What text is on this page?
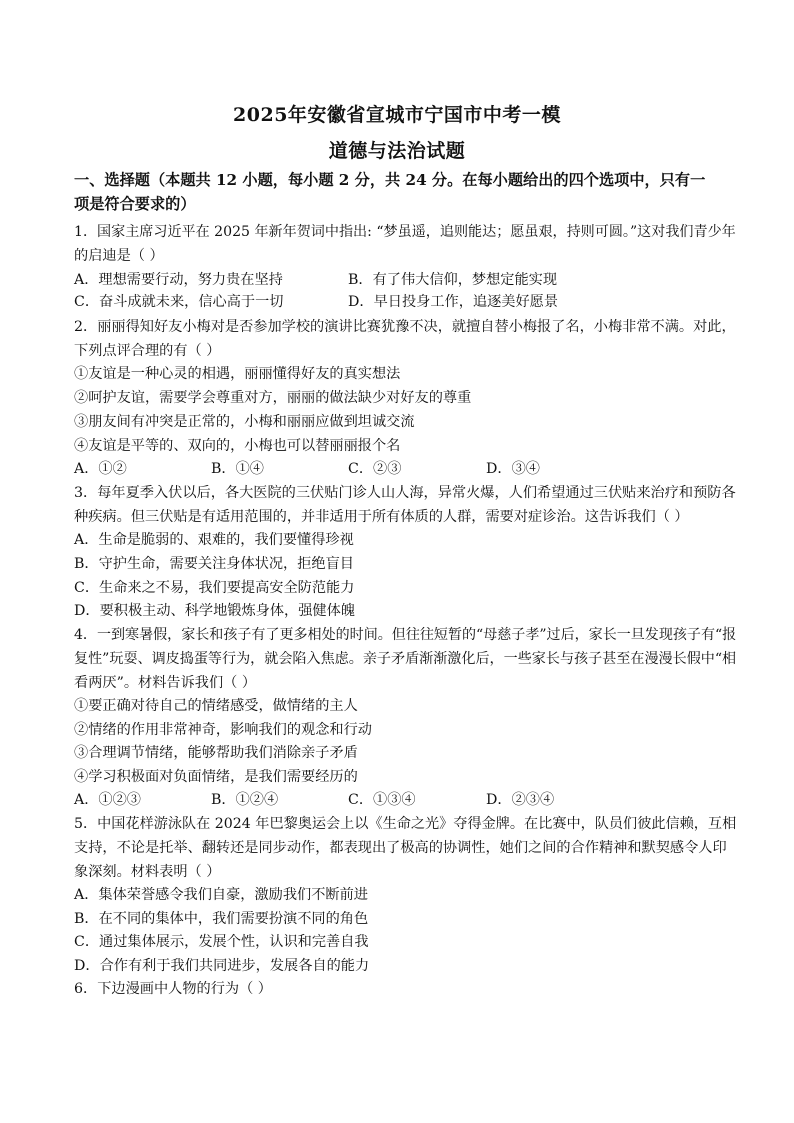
2025年安徽省宣城市宁国市中考一模
道德与法治试题
一、选择题（本题共 12 小题，每小题 2 分，共 24 分。在每小题给出的四个选项中，只有一
项是符合要求的）
1．国家主席习近平在 2025 年新年贺词中指出: “梦虽遥，追则能达；愿虽艰，持则可圆。”这对我们青少年
的启迪是（ ）
A．理想需要行动，努力贵在坚持	B．有了伟大信仰，梦想定能实现
C．奋斗成就未来，信心高于一切	D．早日投身工作，追逐美好愿景
2．丽丽得知好友小梅对是否参加学校的演讲比赛犹豫不决，就擅自替小梅报了名，小梅非常不满。对此，
下列点评合理的有（ ）
①友谊是一种心灵的相遇，丽丽懂得好友的真实想法
②呵护友谊，需要学会尊重对方，丽丽的做法缺少对好友的尊重
③朋友间有冲突是正常的，小梅和丽丽应做到坦诚交流
④友谊是平等的、双向的，小梅也可以替丽丽报个名
A．①②	B．①④	C．②③	D．③④
3．每年夏季入伏以后，各大医院的三伏贴门诊人山人海，异常火爆，人们希望通过三伏贴来治疗和预防各
种疾病。但三伏贴是有适用范围的，并非适用于所有体质的人群，需要对症诊治。这告诉我们（ ）
A．生命是脆弱的、艰难的，我们要懂得珍视
B．守护生命，需要关注身体状况，拒绝盲目
C．生命来之不易，我们要提高安全防范能力
D．要积极主动、科学地锻炼身体，强健体魄
4．一到寒暑假，家长和孩子有了更多相处的时间。但往往短暂的“母慈子孝”过后，家长一旦发现孩子有“报
复性”玩耍、调皮捣蛋等行为，就会陷入焦虑。亲子矛盾渐渐激化后，一些家长与孩子甚至在漫漫长假中“相
看两厌”。材料告诉我们（ ）
①要正确对待自己的情绪感受，做情绪的主人
②情绪的作用非常神奇，影响我们的观念和行动
③合理调节情绪，能够帮助我们消除亲子矛盾
④学习积极面对负面情绪，是我们需要经历的
A．①②③	B．①②④	C．①③④	D．②③④
5．中国花样游泳队在 2024 年巴黎奥运会上以《生命之光》夺得金牌。在比赛中，队员们彼此信赖，互相
支持，不论是托举、翻转还是同步动作，都表现出了极高的协调性，她们之间的合作精神和默契感令人印
象深刻。材料表明（ ）
A．集体荣誉感令我们自豪，激励我们不断前进
B．在不同的集体中，我们需要扮演不同的角色
C．通过集体展示，发展个性，认识和完善自我
D．合作有利于我们共同进步，发展各自的能力
6．下边漫画中人物的行为（ ）
